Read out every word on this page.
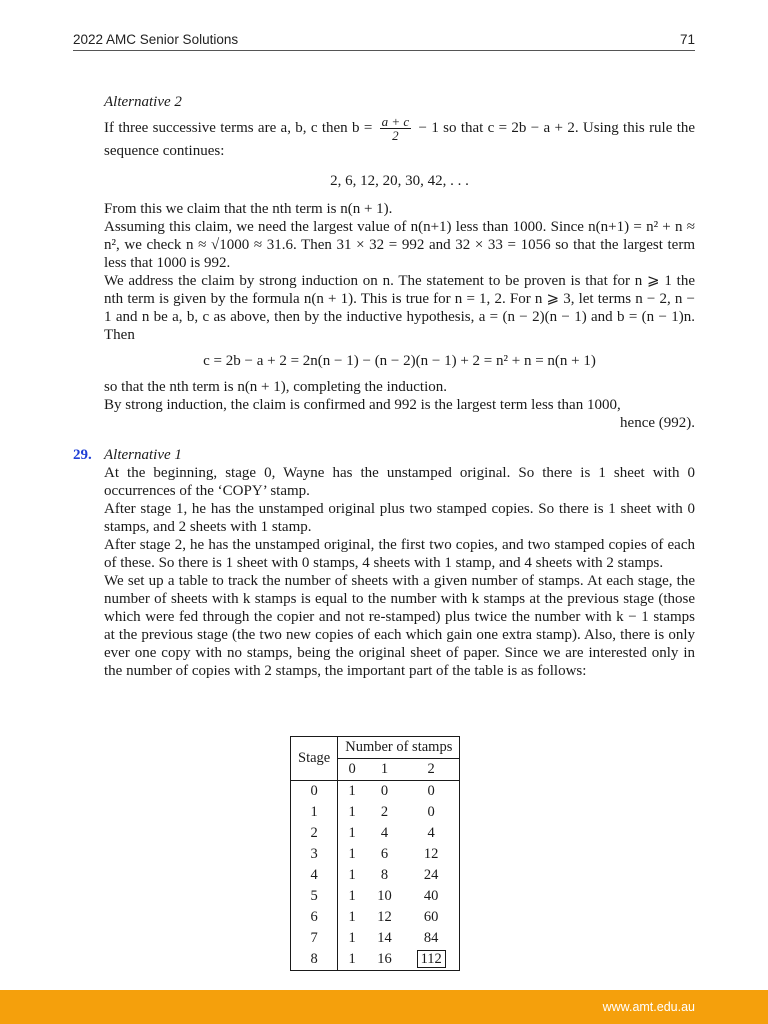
2022 AMC Senior Solutions	71

Alternative 2

If three successive terms are a, b, c then $b = \frac{a + c}{2} - 1$ so that c = 2b − a + 2. Using this rule the sequence continues:

2, 6, 12, 20, 30, 42, . . .

From this we claim that the nth term is n(n + 1).

Assuming this claim, we need the largest value of n(n+1) less than 1000. Since n(n+1) = n² + n ≈ n², we check n ≈ √1000 ≈ 31.6. Then 31 × 32 = 992 and 32 × 33 = 1056 so that the largest term less that 1000 is 992.

We address the claim by strong induction on n. The statement to be proven is that for n ⩾ 1 the nth term is given by the formula n(n + 1). This is true for n = 1, 2. For n ⩾ 3, let terms n − 2, n − 1 and n be a, b, c as above, then by the inductive hypothesis, a = (n − 2)(n − 1) and b = (n − 1)n. Then

c = 2b − a + 2 = 2n(n − 1) − (n − 2)(n − 1) + 2 = n² + n = n(n + 1)

so that the nth term is n(n + 1), completing the induction.

By strong induction, the claim is confirmed and 992 is the largest term less than 1000,

hence (992).

29. Alternative 1

At the beginning, stage 0, Wayne has the unstamped original. So there is 1 sheet with 0 occurrences of the ‘COPY’ stamp.

After stage 1, he has the unstamped original plus two stamped copies. So there is 1 sheet with 0 stamps, and 2 sheets with 1 stamp.

After stage 2, he has the unstamped original, the first two copies, and two stamped copies of each of these. So there is 1 sheet with 0 stamps, 4 sheets with 1 stamp, and 4 sheets with 2 stamps.

We set up a table to track the number of sheets with a given number of stamps. At each stage, the number of sheets with k stamps is equal to the number with k stamps at the previous stage (those which were fed through the copier and not re-stamped) plus twice the number with k − 1 stamps at the previous stage (the two new copies of each which gain one extra stamp). Also, there is only ever one copy with no stamps, being the original sheet of paper. Since we are interested only in the number of copies with 2 stamps, the important part of the table is as follows:

Stage	Number of stamps		
	0	1	2
0	1	0	0
1	1	2	0
2	1	4	4
3	1	6	12
4	1	8	24
5	1	10	40
6	1	12	60
7	1	14	84
8	1	16	112
www.amt.edu.au
